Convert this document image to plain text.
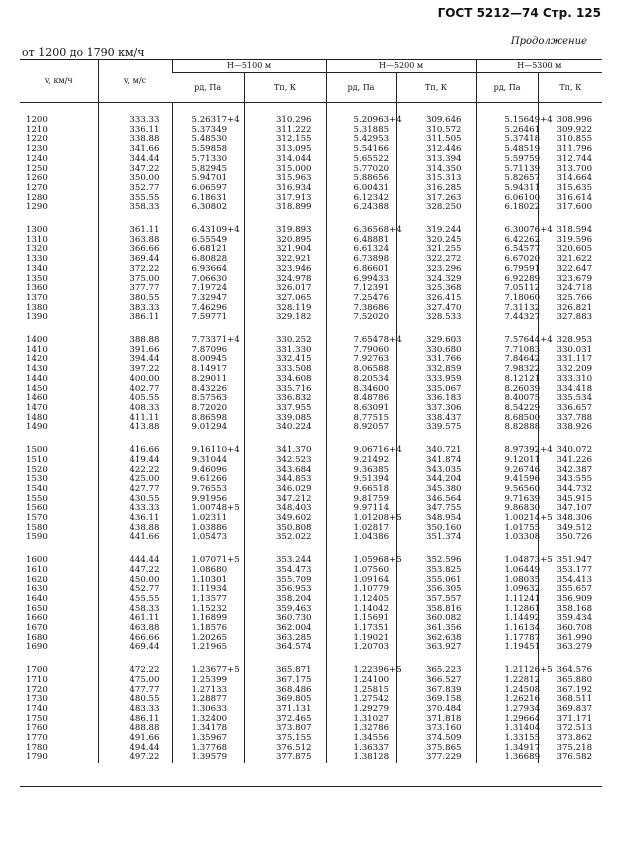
ГОСТ 5212—74 Стр. 125
Продолжение
от 1200 до 1790 км/ч
v, км/ч	v, м/с	H—5100 м		H—5200 м		H—5300 м	
		pд, Па	Tп, К	pд, Па	Tп, К	pд, Па	Tп, К

1200	333.33	5.26317+4	310.296	5.20963+4	309.646	5.15649+4	308.996
1210	336.11	5.37349	311.222	5.31885	310.572	5.26461	309.922
1220	338.88	5.48530	312.155	5.42953	311.505	5.37418	310.855
1230	341.66	5.59858	313.095	5.54166	312.446	5.48519	311.796
1240	344.44	5.71330	314.044	5.65522	313.394	5.59759	312.744
1250	347.22	5.82945	315.000	5.77020	314.350	5.71139	313.700
1260	350.00	5.94701	315.963	5.88656	315.313	5.82657	314.664
1270	352.77	6.06597	316.934	6.00431	316.285	5.94311	315.635
1280	355.55	6.18631	317.913	6.12342	317.263	6.06100	316.614
1290	358.33	6.30802	318.899	6.24388	328.250	6.18022	317.600

1300	361.11	6.43109+4	319.893	6.36568+4	319.244	6.30076+4	318.594
1310	363.88	6.55549	320.895	6.48881	320.245	6.42262	319.596
1320	366.66	6.68121	321.904	6.61324	321.255	6.54577	320.605
1330	369.44	6.80828	322.921	6.73898	322.272	6.67020	321.622
1340	372.22	6.93664	323.946	6.86601	323.296	6.79591	322.647
1350	375.00	7.06630	324.978	6.99433	324.329	6.92289	323.679
1360	377.77	7.19724	326.017	7.12391	325.368	7.05112	324.718
1370	380.55	7.32947	327.065	7.25476	326.415	7.18060	325.766
1380	383.33	7.46296	328.119	7.38686	327.470	7.31132	326.821
1390	386.11	7.59771	329.182	7.52020	328.533	7.44327	327.883

1400	388.88	7.73371+4	330.252	7.65478+4	329.603	7.57644+4	328.953
1410	391.66	7.87096	331.330	7.79060	330.680	7.71083	330.031
1420	394.44	8.00945	332.415	7.92763	331.766	7.84642	331.117
1430	397.22	8.14917	333.508	8.06588	332.859	7.98322	332.209
1440	400.00	8.29011	334.608	8.20534	333.959	8.12121	333.310
1450	402.77	8.43226	335.716	8.34600	335.067	8.26039	334.418
1460	405.55	8.57563	336.832	8.48786	336.183	8.40075	335.534
1470	408.33	8.72020	337.955	8.63091	337.306	8.54229	336.657
1480	411.11	8.86598	339.085	8.77515	338.437	8.68500	337.788
1490	413.88	9.01294	340.224	8.92057	339.575	8.82888	338.926

1500	416.66	9.16110+4	341.370	9.06716+4	340.721	8.97392+4	340.072
1510	419.44	9.31044	342.523	9.21492	341.874	9.12011	341.226
1520	422.22	9.46096	343.684	9.36385	343.035	9.26746	342.387
1530	425.00	9.61266	344.853	9.51394	344.204	9.41596	343.555
1540	427.77	9.76553	346.029	9.66518	345.380	9.56560	344.732
1550	430.55	9.91956	347.212	9.81759	346.564	9.71639	345.915
1560	433.33	1.00748+5	348.403	9.97114	347.755	9.86830	347.107
1570	436.11	1.02311	349.602	1.01208+5	348.954	1.00214+5	348.306
1580	438.88	1.03886	350.808	1.02817	350.160	1.01755	349.512
1590	441.66	1.05473	352.022	1.04386	351.374	1.03308	350.726

1600	444.44	1.07071+5	353.244	1.05968+5	352.596	1.04873+5	351.947
1610	447.22	1.08680	354.473	1.07560	353.825	1.06449	353.177
1620	450.00	1.10301	355.709	1.09164	355.061	1.08035	354.413
1630	452.77	1.11934	356.953	1.10779	356.305	1.09632	355.657
1640	455.55	1.13577	358.204	1.12405	357.557	1.11241	356.909
1650	458.33	1.15232	359.463	1.14042	358.816	1.12861	358.168
1660	461.11	1.16899	360.730	1.15691	360.082	1.14492	359.434
1670	463.88	1.18576	362.004	1.17351	361.356	1.16134	360.708
1680	466.66	1.20265	363.285	1.19021	362.638	1.17787	361.990
1690	469.44	1.21965	364.574	1.20703	363.927	1.19451	363.279

1700	472.22	1.23677+5	365.871	1.22396+5	365.223	1.21126+5	364.576
1710	475.00	1.25399	367.175	1.24100	366.527	1.22812	365.880
1720	477.77	1.27133	368.486	1.25815	367.839	1.24508	367.192
1730	480.55	1.28877	369.805	1.27542	369.158	1.26216	368.511
1740	483.33	1.30633	371.131	1.29279	370.484	1.27934	369.837
1750	486.11	1.32400	372.465	1.31027	371.818	1.29664	371.171
1760	488.88	1.34178	373.807	1.32786	373.160	1.31404	372.513
1770	491.66	1.35967	375.155	1.34556	374.509	1.33155	373.862
1780	494.44	1.37768	376.512	1.36337	375.865	1.34917	375.218
1790	497.22	1.39579	377.875	1.38128	377.229	1.36689	376.582
